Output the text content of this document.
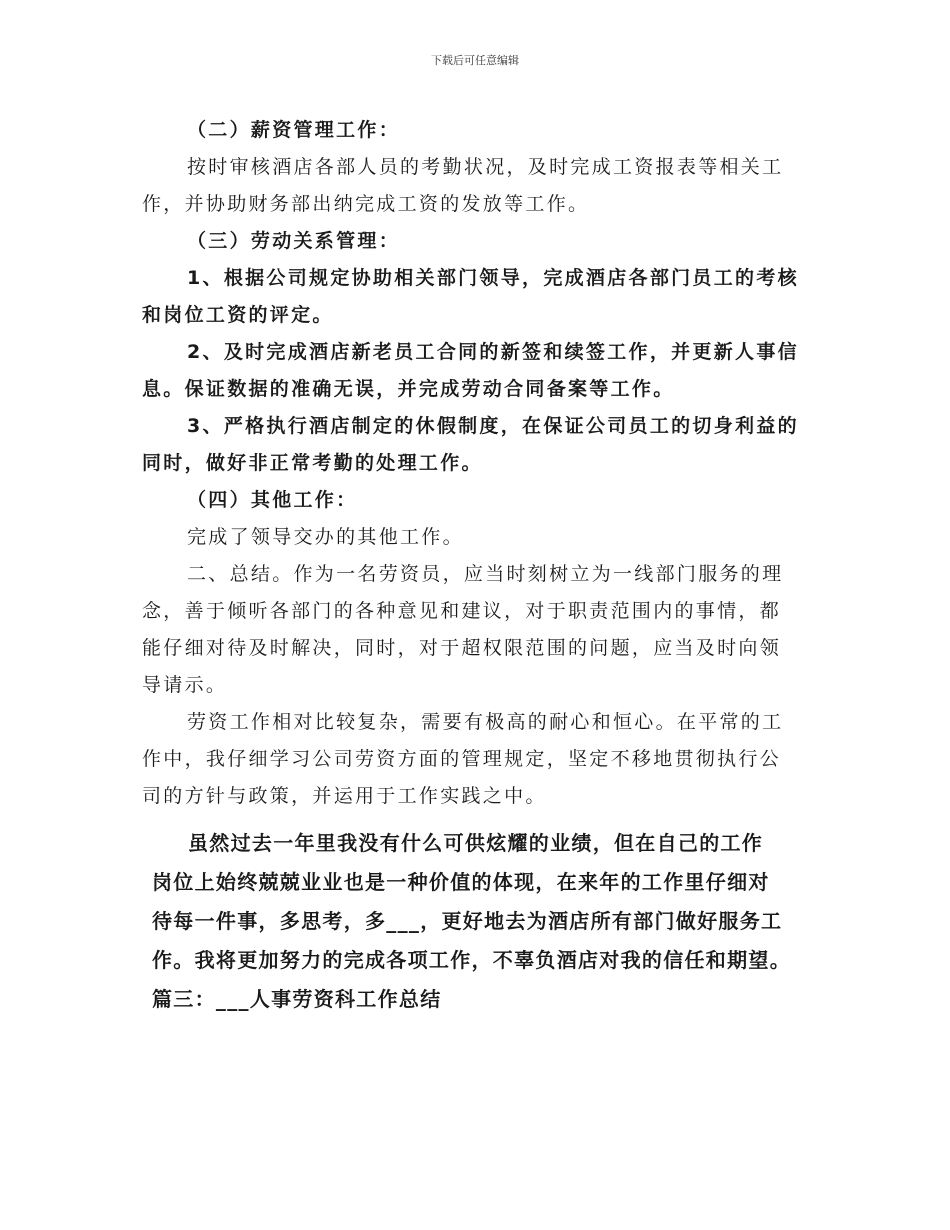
下载后可任意编辑
（二）薪资管理工作：
按时审核酒店各部人员的考勤状况，及时完成工资报表等相关工
作，并协助财务部出纳完成工资的发放等工作。
（三）劳动关系管理：
1、根据公司规定协助相关部门领导，完成酒店各部门员工的考核
和岗位工资的评定。
2、及时完成酒店新老员工合同的新签和续签工作，并更新人事信
息。保证数据的准确无误，并完成劳动合同备案等工作。
3、严格执行酒店制定的休假制度，在保证公司员工的切身利益的
同时，做好非正常考勤的处理工作。
（四）其他工作：
完成了领导交办的其他工作。
二、总结。作为一名劳资员，应当时刻树立为一线部门服务的理
念，善于倾听各部门的各种意见和建议，对于职责范围内的事情，都
能仔细对待及时解决，同时，对于超权限范围的问题，应当及时向领
导请示。
劳资工作相对比较复杂，需要有极高的耐心和恒心。在平常的工
作中，我仔细学习公司劳资方面的管理规定，坚定不移地贯彻执行公
司的方针与政策，并运用于工作实践之中。
虽然过去一年里我没有什么可供炫耀的业绩，但在自己的工作
岗位上始终兢兢业业也是一种价值的体现，在来年的工作里仔细对
待每一件事，多思考，多___，更好地去为酒店所有部门做好服务工
作。我将更加努力的完成各项工作，不辜负酒店对我的信任和期望。
篇三：___人事劳资科工作总结
